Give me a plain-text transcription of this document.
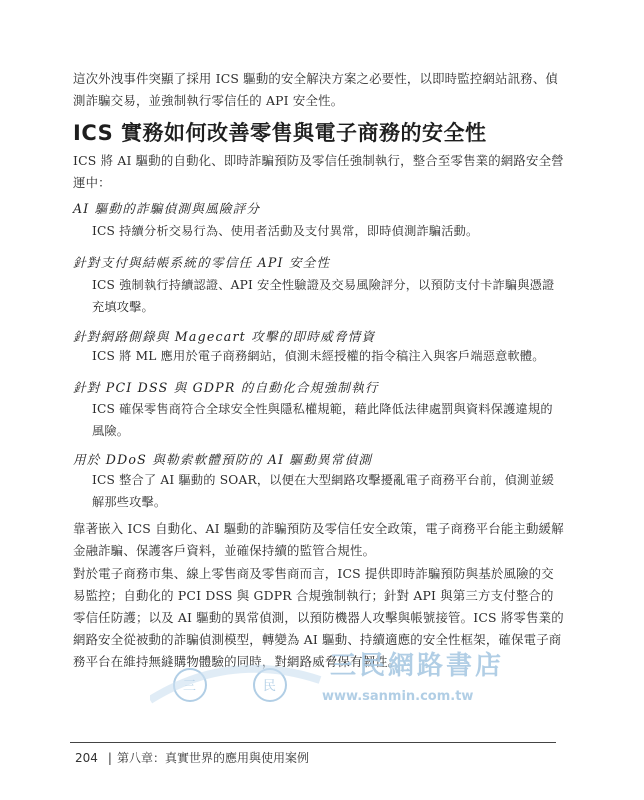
這次外洩事件突顯了採用 ICS 驅動的安全解決方案之必要性，以即時監控網站訊務、偵測詐騙交易，並強制執行零信任的 API 安全性。

ICS 實務如何改善零售與電子商務的安全性

ICS 將 AI 驅動的自動化、即時詐騙預防及零信任強制執行，整合至零售業的網路安全營運中：

AI 驅動的詐騙偵測與風險評分

ICS 持續分析交易行為、使用者活動及支付異常，即時偵測詐騙活動。

針對支付與結帳系統的零信任 API 安全性

ICS 強制執行持續認證、API 安全性驗證及交易風險評分，以預防支付卡詐騙與憑證充填攻擊。

針對網路側錄與 Magecart 攻擊的即時威脅情資

ICS 將 ML 應用於電子商務網站，偵測未經授權的指令稿注入與客戶端惡意軟體。

針對 PCI DSS 與 GDPR 的自動化合規強制執行

ICS 確保零售商符合全球安全性與隱私權規範，藉此降低法律處罰與資料保護違規的風險。

用於 DDoS 與勒索軟體預防的 AI 驅動異常偵測

ICS 整合了 AI 驅動的 SOAR，以便在大型網路攻擊擾亂電子商務平台前，偵測並緩解那些攻擊。

靠著嵌入 ICS 自動化、AI 驅動的詐騙預防及零信任安全政策，電子商務平台能主動緩解金融詐騙、保護客戶資料，並確保持續的監管合規性。

對於電子商務市集、線上零售商及零售商而言，ICS 提供即時詐騙預防與基於風險的交易監控；自動化的 PCI DSS 與 GDPR 合規強制執行；針對 API 與第三方支付整合的零信任防護；以及 AI 驅動的異常偵測，以預防機器人攻擊與帳號接管。ICS 將零售業的網路安全從被動的詐騙偵測模型，轉變為 AI 驅動、持續適應的安全性框架，確保電子商務平台在維持無縫購物體驗的同時，對網路威脅保有韌性。

三	民
三民網路書店
www.sanmin.com.tw
204 | 第八章：真實世界的應用與使用案例
